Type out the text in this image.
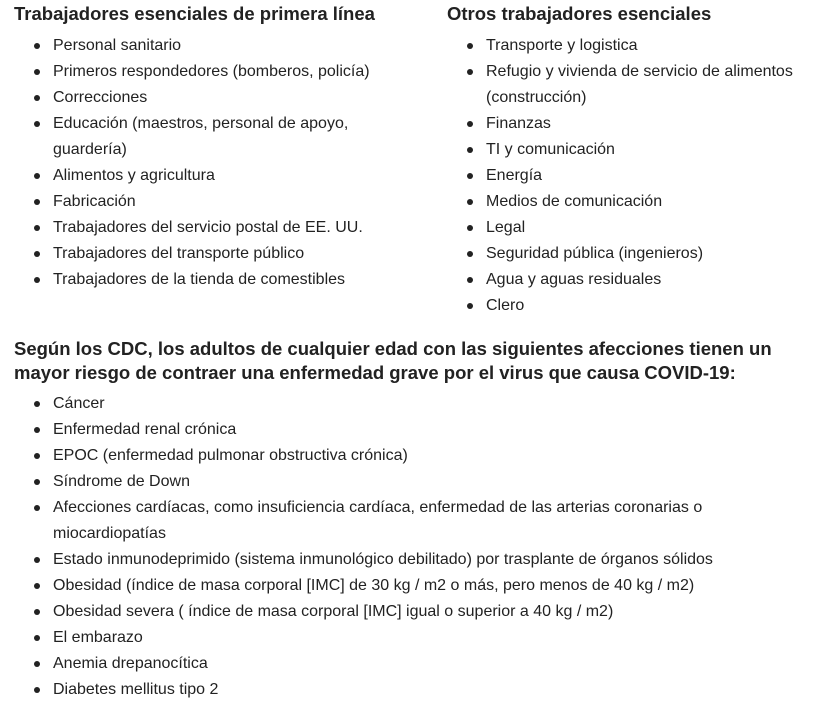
Trabajadores esenciales de primera línea
Personal sanitario
Primeros respondedores (bomberos, policía)
Correcciones
Educación (maestros, personal de apoyo, guardería)
Alimentos y agricultura
Fabricación
Trabajadores del servicio postal de EE. UU.
Trabajadores del transporte público
Trabajadores de la tienda de comestibles
Otros trabajadores esenciales
Transporte y logistica
Refugio y vivienda de servicio de alimentos (construcción)
Finanzas
TI y comunicación
Energía
Medios de comunicación
Legal
Seguridad pública (ingenieros)
Agua y aguas residuales
Clero
Según los CDC, los adultos de cualquier edad con las siguientes afecciones tienen un mayor riesgo de contraer una enfermedad grave por el virus que causa COVID-19:
Cáncer
Enfermedad renal crónica
EPOC (enfermedad pulmonar obstructiva crónica)
Síndrome de Down
Afecciones cardíacas, como insuficiencia cardíaca, enfermedad de las arterias coronarias o miocardiopatías
Estado inmunodeprimido (sistema inmunológico debilitado) por trasplante de órganos sólidos
Obesidad (índice de masa corporal [IMC] de 30 kg / m2 o más, pero menos de 40 kg / m2)
Obesidad severa ( índice de masa corporal [IMC] igual o superior a 40 kg / m2)
El embarazo
Anemia drepanocítica
Diabetes mellitus tipo 2
